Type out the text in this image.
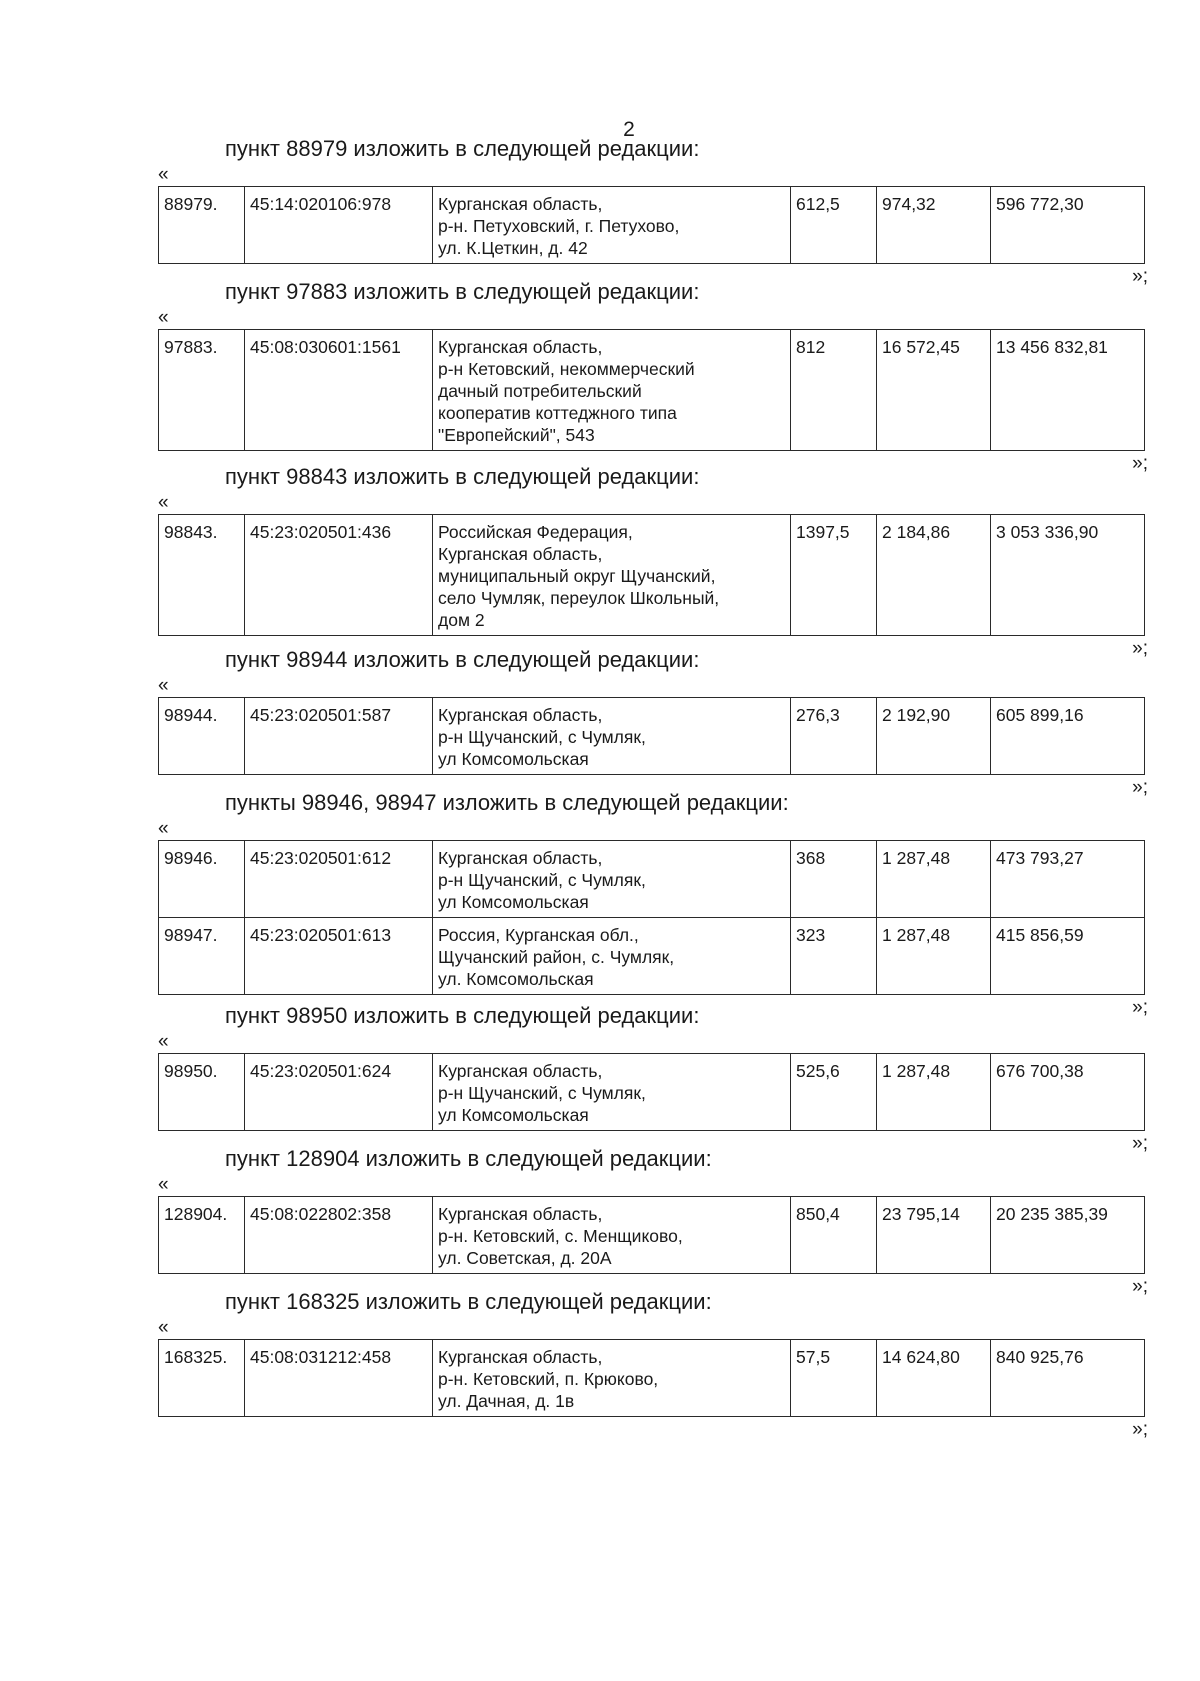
2
пункт 88979 изложить в следующей редакции:
«
88979.	45:14:020106:978	Курганская область,
р-н. Петуховский, г. Петухово,
ул. К.Цеткин, д. 42	612,5	974,32	596 772,30
»;
пункт 97883 изложить в следующей редакции:
«
97883.	45:08:030601:1561	Курганская область,
р-н Кетовский, некоммерческий
дачный потребительский
кооператив коттеджного типа
"Европейский", 543	812	16 572,45	13 456 832,81
»;
пункт 98843 изложить в следующей редакции:
«
98843.	45:23:020501:436	Российская Федерация,
Курганская область,
муниципальный округ Щучанский,
село Чумляк, переулок Школьный,
дом 2	1397,5	2 184,86	3 053 336,90
»;
пункт 98944 изложить в следующей редакции:
«
98944.	45:23:020501:587	Курганская область,
р-н Щучанский, с Чумляк,
ул Комсомольская	276,3	2 192,90	605 899,16
»;
пункты 98946, 98947 изложить в следующей редакции:
«
98946.	45:23:020501:612	Курганская область,
р-н Щучанский, с Чумляк,
ул Комсомольская	368	1 287,48	473 793,27
98947.	45:23:020501:613	Россия, Курганская обл.,
Щучанский район, с. Чумляк,
ул. Комсомольская	323	1 287,48	415 856,59
»;
пункт 98950 изложить в следующей редакции:
«
98950.	45:23:020501:624	Курганская область,
р-н Щучанский, с Чумляк,
ул Комсомольская	525,6	1 287,48	676 700,38
»;
пункт 128904 изложить в следующей редакции:
«
128904.	45:08:022802:358	Курганская область,
р-н. Кетовский, с. Менщиково,
ул. Советская, д. 20А	850,4	23 795,14	20 235 385,39
»;
пункт 168325 изложить в следующей редакции:
«
168325.	45:08:031212:458	Курганская область,
р-н. Кетовский, п. Крюково,
ул. Дачная, д. 1в	57,5	14 624,80	840 925,76
»;
